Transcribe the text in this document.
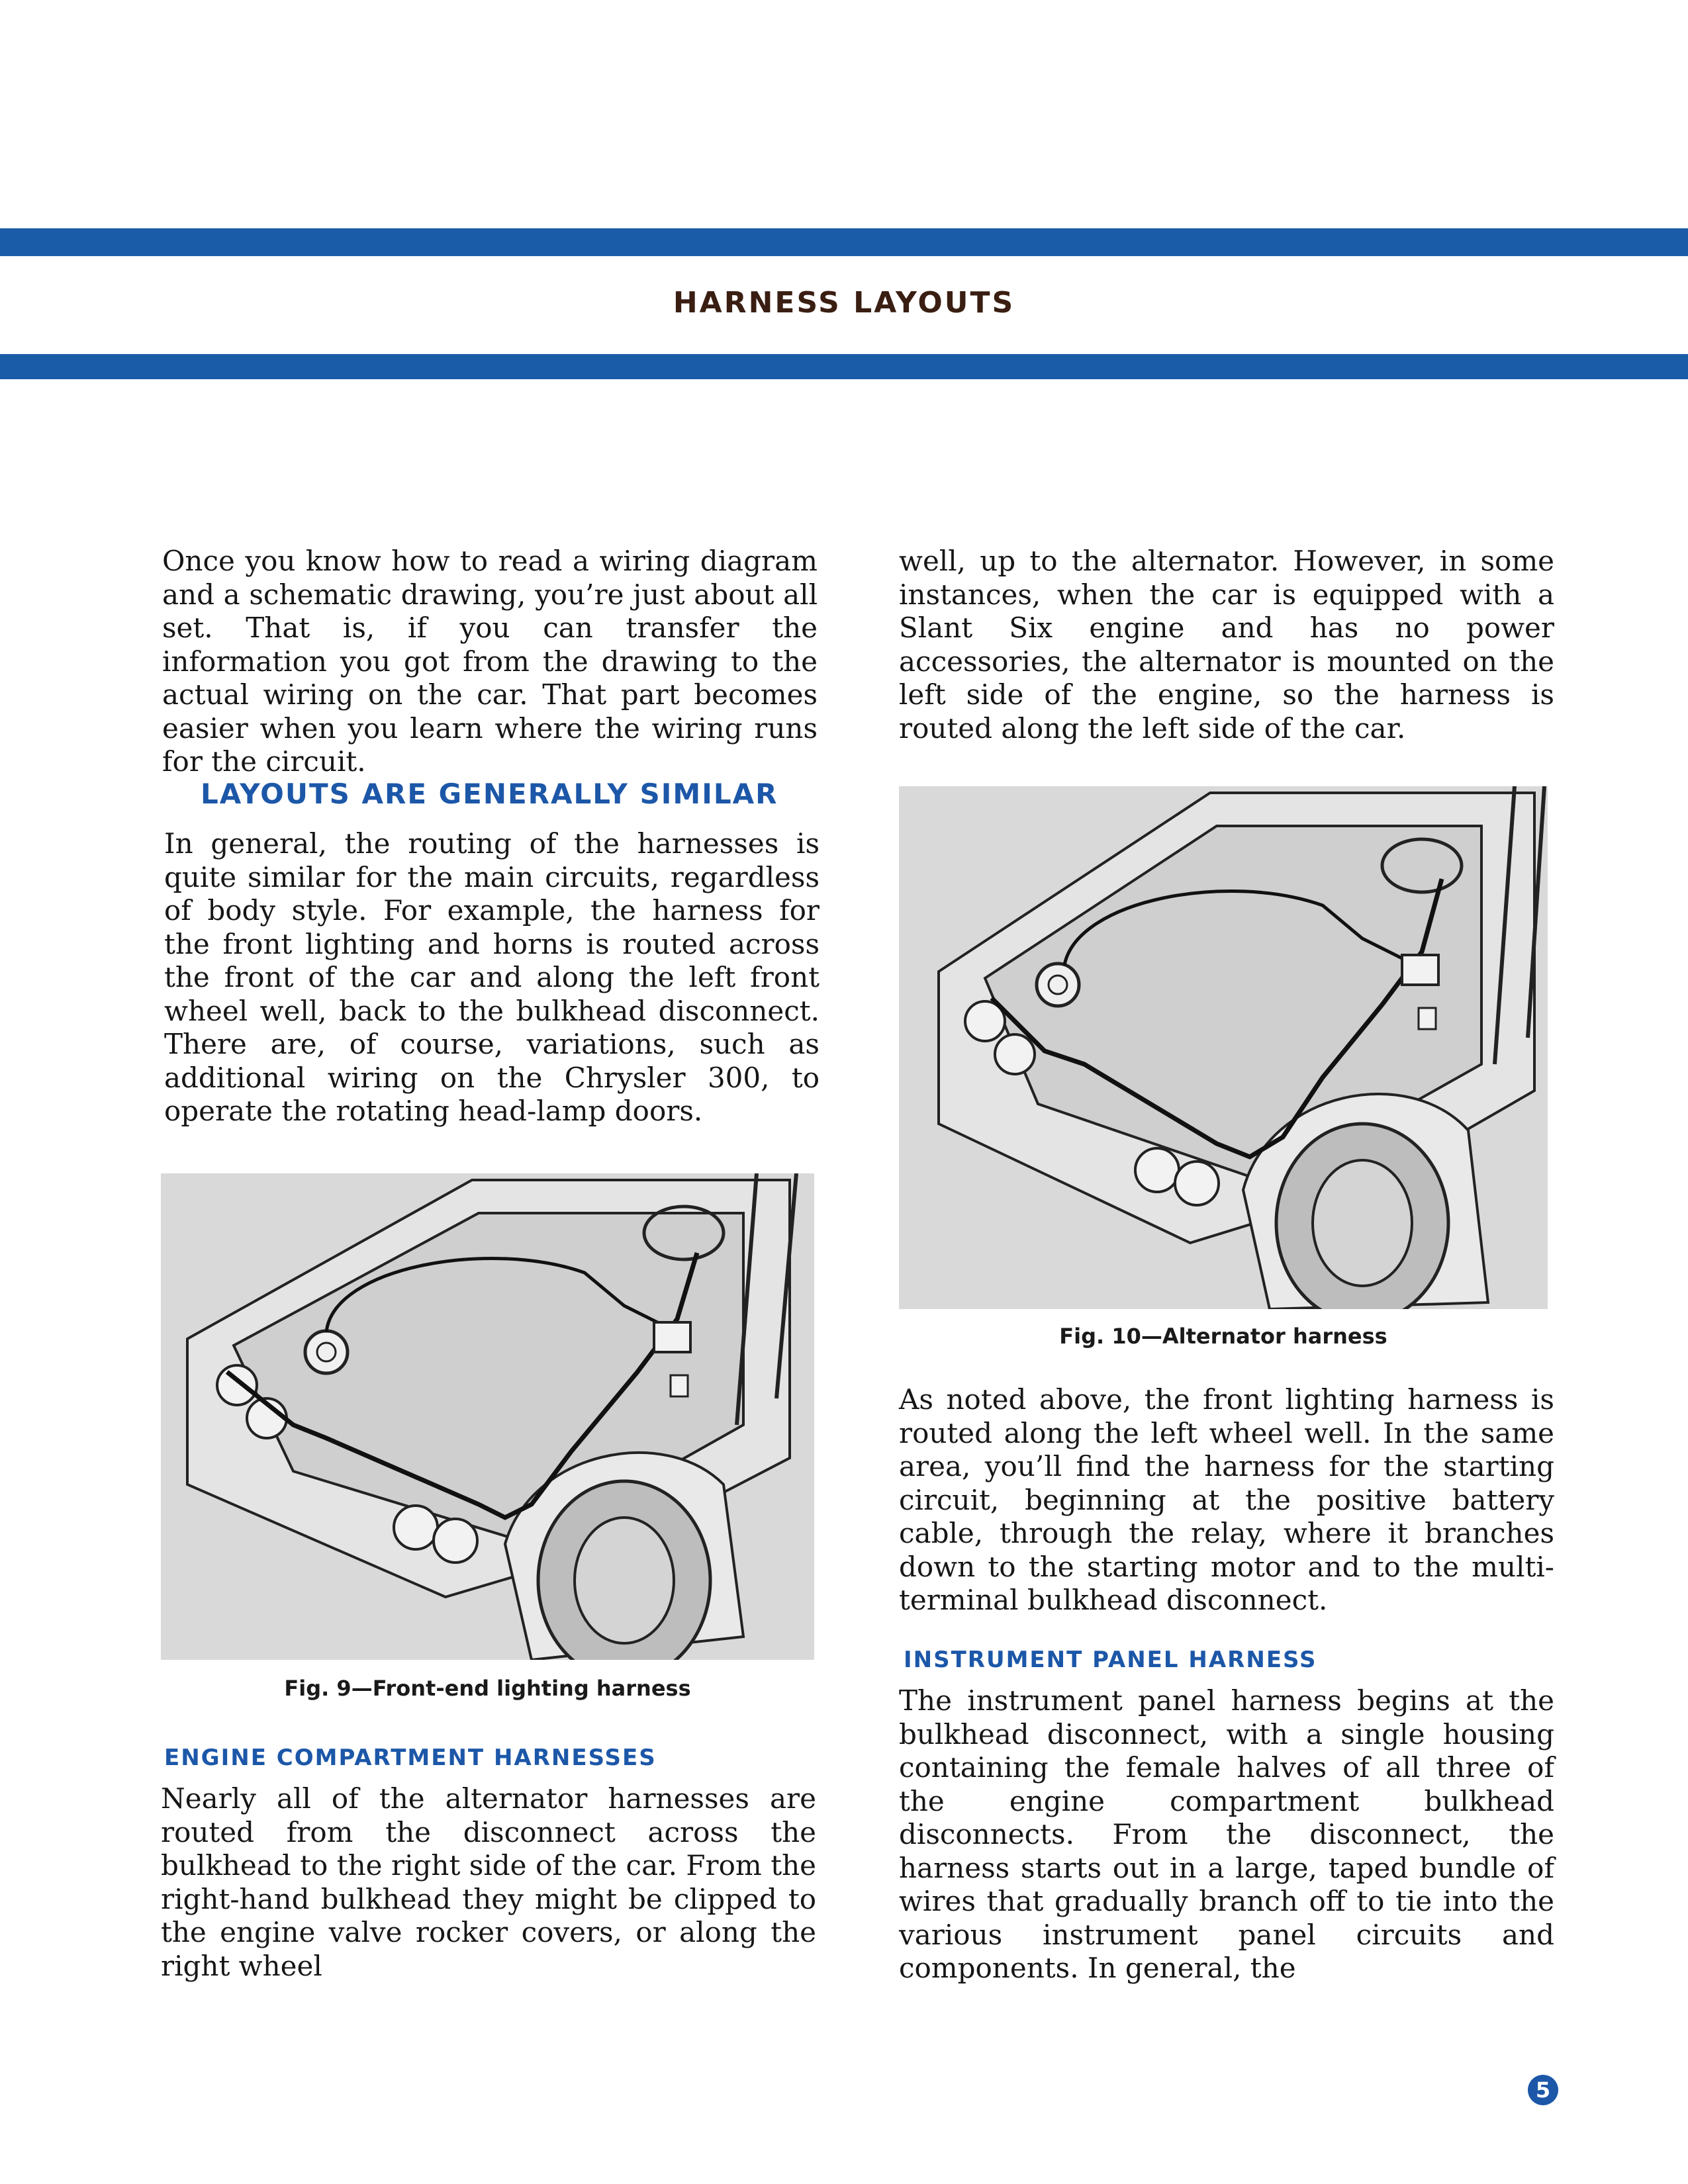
HARNESS LAYOUTS

Once you know how to read a wiring diagram and a schematic drawing, you’re just about all set. That is, if you can transfer the information you got from the drawing to the actual wiring on the car. That part becomes easier when you learn where the wiring runs for the circuit.

LAYOUTS ARE GENERALLY SIMILAR

In general, the routing of the harnesses is quite similar for the main circuits, regardless of body style. For example, the harness for the front lighting and horns is routed across the front of the car and along the left front wheel well, back to the bulkhead disconnect. There are, of course, variations, such as additional wiring on the Chrysler 300, to operate the rotating head-lamp doors.

Fig. 9—Front-end lighting harness
ENGINE COMPARTMENT HARNESSES

Nearly all of the alternator harnesses are routed from the disconnect across the bulkhead to the right side of the car. From the right-hand bulkhead they might be clipped to the engine valve rocker covers, or along the right wheel

well, up to the alternator. However, in some instances, when the car is equipped with a Slant Six engine and has no power accessories, the alternator is mounted on the left side of the engine, so the harness is routed along the left side of the car.

Fig. 10—Alternator harness

As noted above, the front lighting harness is routed along the left wheel well. In the same area, you’ll find the harness for the starting circuit, beginning at the positive battery cable, through the relay, where it branches down to the starting motor and to the multi-terminal bulkhead disconnect.

INSTRUMENT PANEL HARNESS

The instrument panel harness begins at the bulkhead disconnect, with a single housing containing the female halves of all three of the engine compartment bulkhead disconnects. From the disconnect, the harness starts out in a large, taped bundle of wires that gradually branch off to tie into the various instrument panel circuits and components. In general, the

5
